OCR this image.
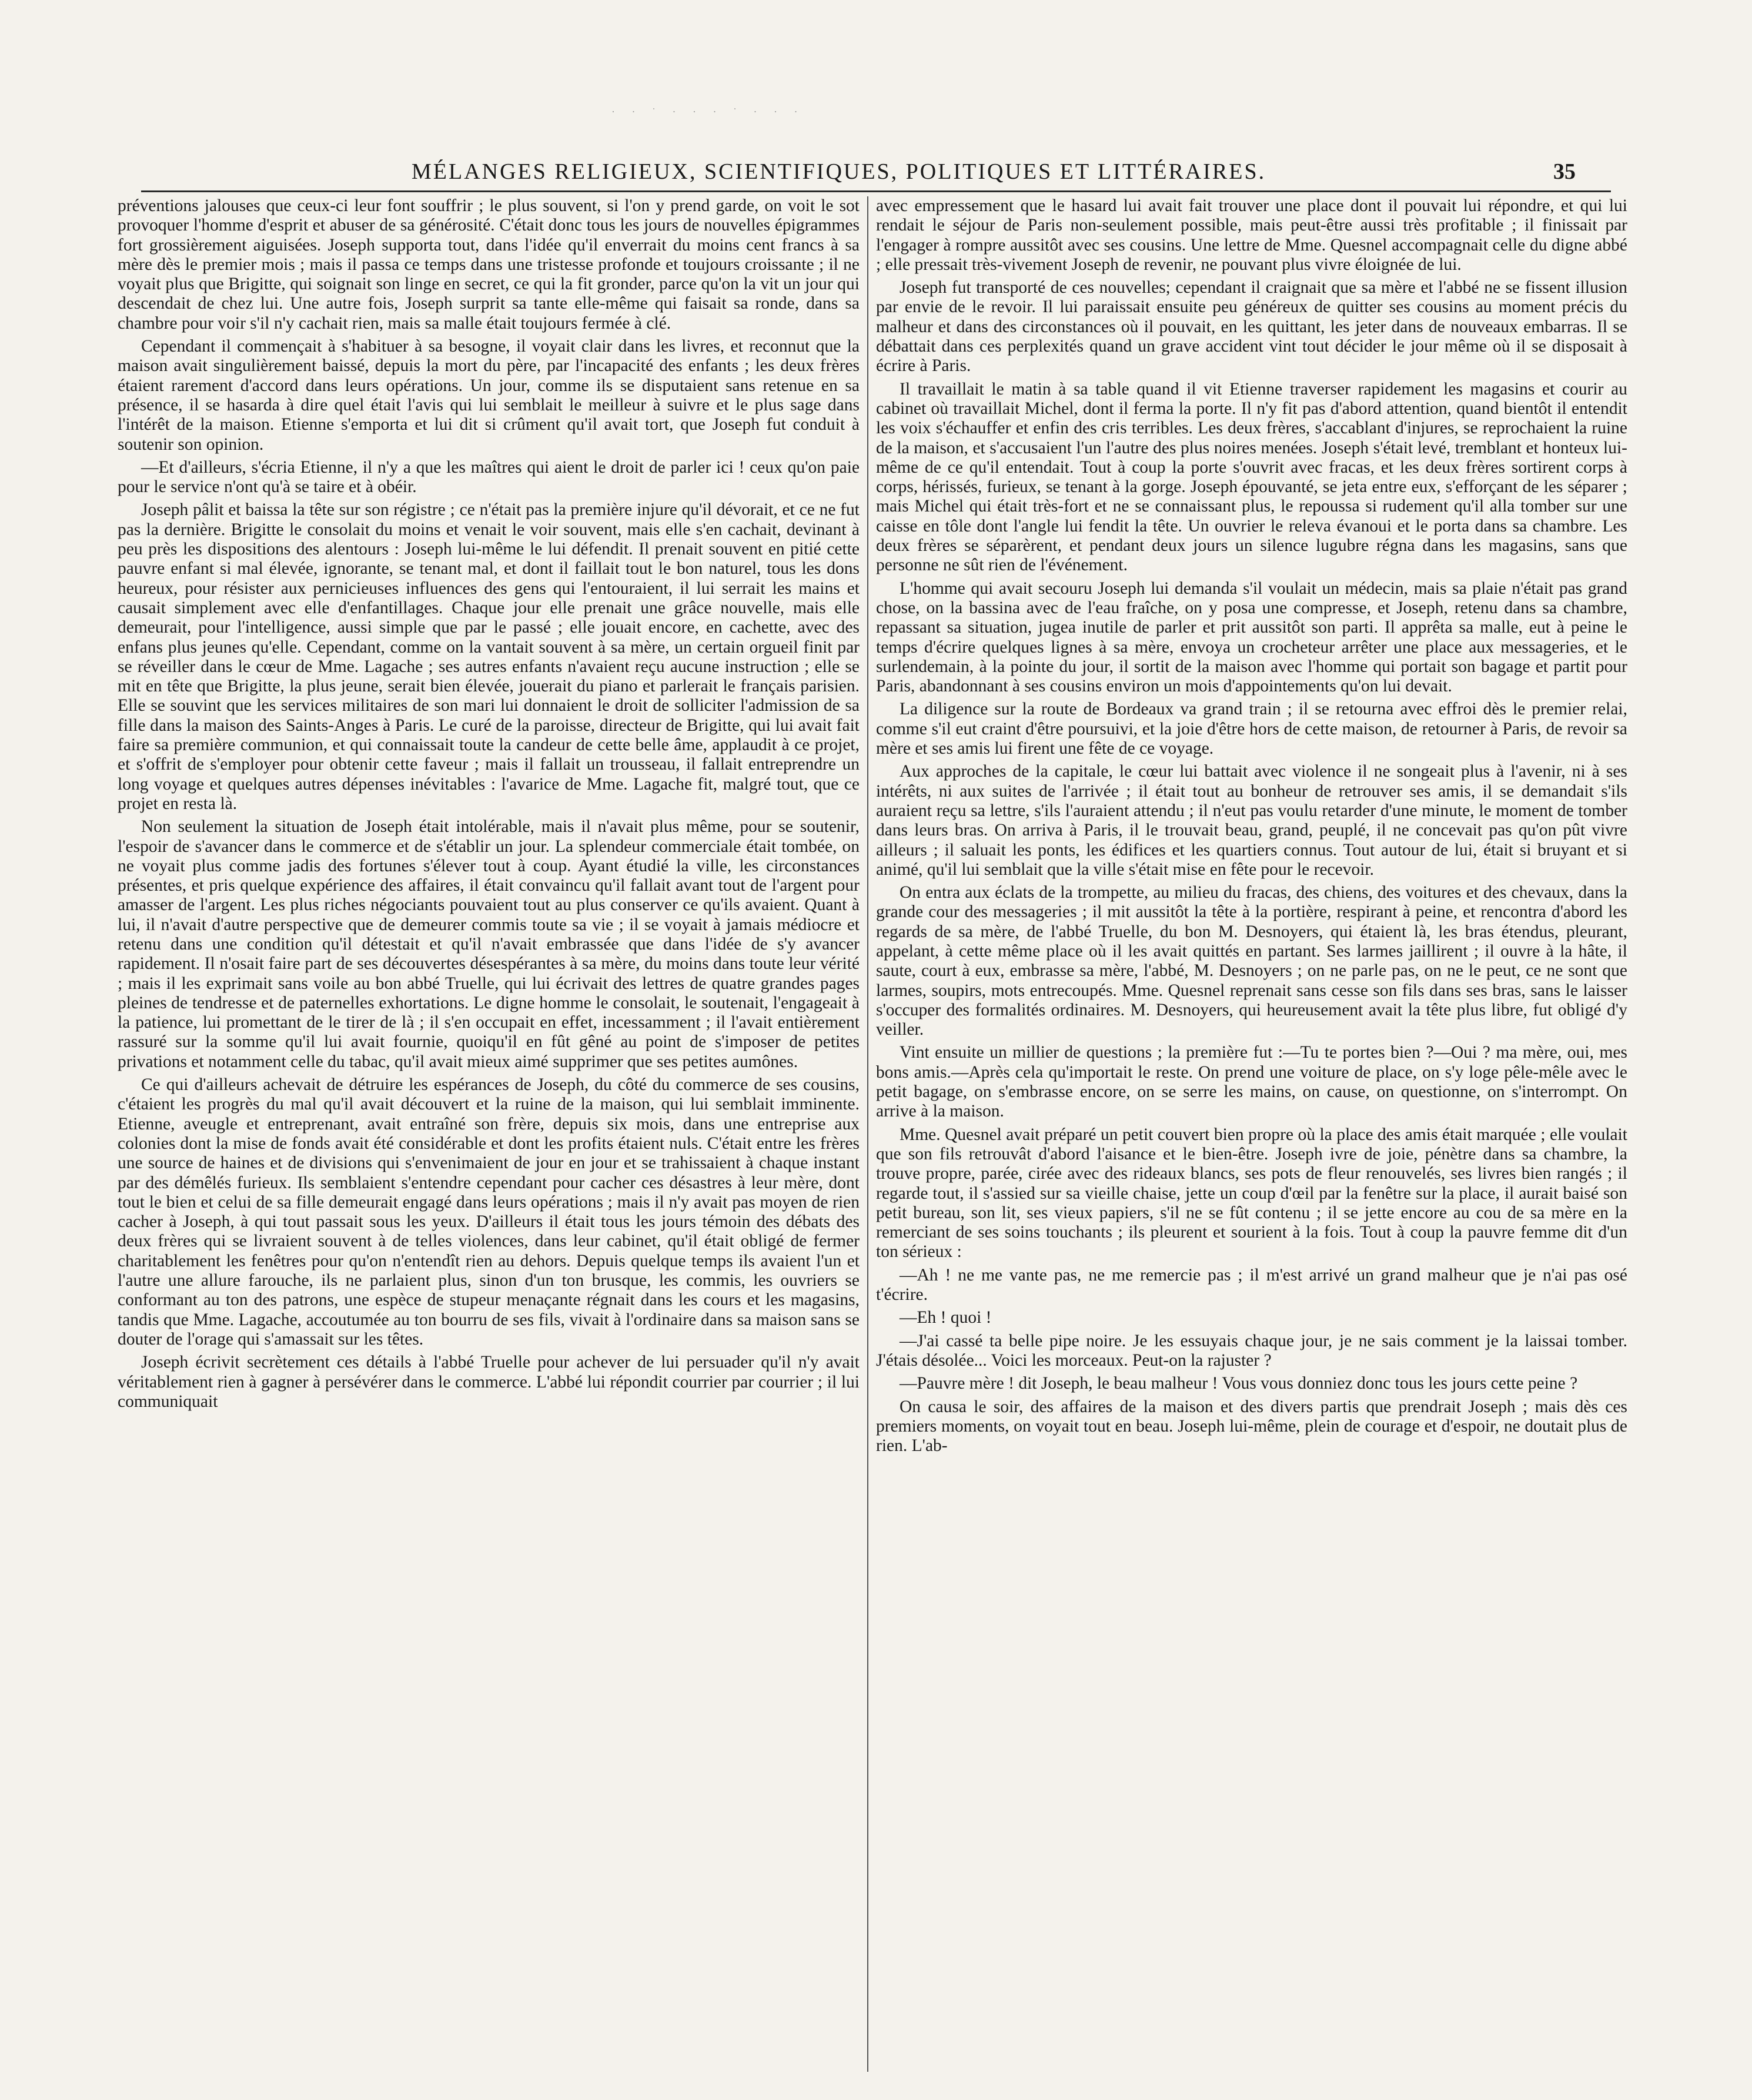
· · ˙ · · · ˙ · · ·
MÉLANGES RELIGIEUX, SCIENTIFIQUES, POLITIQUES ET LITTÉRAIRES.	35

préventions jalouses que ceux-ci leur font souffrir ; le plus souvent, si l'on y prend garde, on voit le sot provoquer l'homme d'esprit et abuser de sa générosité. C'était donc tous les jours de nouvelles épigrammes fort grossièrement aiguisées. Joseph supporta tout, dans l'idée qu'il enverrait du moins cent francs à sa mère dès le premier mois ; mais il passa ce temps dans une tristesse profonde et toujours croissante ; il ne voyait plus que Brigitte, qui soignait son linge en secret, ce qui la fit gronder, parce qu'on la vit un jour qui descendait de chez lui. Une autre fois, Joseph surprit sa tante elle-même qui faisait sa ronde, dans sa chambre pour voir s'il n'y cachait rien, mais sa malle était toujours fermée à clé.

Cependant il commençait à s'habituer à sa besogne, il voyait clair dans les livres, et reconnut que la maison avait singulièrement baissé, depuis la mort du père, par l'incapacité des enfants ; les deux frères étaient rarement d'accord dans leurs opérations. Un jour, comme ils se disputaient sans retenue en sa présence, il se hasarda à dire quel était l'avis qui lui semblait le meilleur à suivre et le plus sage dans l'intérêt de la maison. Etienne s'emporta et lui dit si crûment qu'il avait tort, que Joseph fut conduit à soutenir son opinion.

—Et d'ailleurs, s'écria Etienne, il n'y a que les maîtres qui aient le droit de parler ici ! ceux qu'on paie pour le service n'ont qu'à se taire et à obéir.

Joseph pâlit et baissa la tête sur son régistre ; ce n'était pas la première injure qu'il dévorait, et ce ne fut pas la dernière. Brigitte le consolait du moins et venait le voir souvent, mais elle s'en cachait, devinant à peu près les dispositions des alentours : Joseph lui-même le lui défendit. Il prenait souvent en pitié cette pauvre enfant si mal élevée, ignorante, se tenant mal, et dont il faillait tout le bon naturel, tous les dons heureux, pour résister aux pernicieuses influences des gens qui l'entouraient, il lui serrait les mains et causait simplement avec elle d'enfantillages. Chaque jour elle prenait une grâce nouvelle, mais elle demeurait, pour l'intelligence, aussi simple que par le passé ; elle jouait encore, en cachette, avec des enfans plus jeunes qu'elle. Cependant, comme on la vantait souvent à sa mère, un certain orgueil finit par se réveiller dans le cœur de Mme. Lagache ; ses autres enfants n'avaient reçu aucune instruction ; elle se mit en tête que Brigitte, la plus jeune, serait bien élevée, jouerait du piano et parlerait le français parisien. Elle se souvint que les services militaires de son mari lui donnaient le droit de solliciter l'admission de sa fille dans la maison des Saints-Anges à Paris. Le curé de la paroisse, directeur de Brigitte, qui lui avait fait faire sa première communion, et qui connaissait toute la candeur de cette belle âme, applaudit à ce projet, et s'offrit de s'employer pour obtenir cette faveur ; mais il fallait un trousseau, il fallait entreprendre un long voyage et quelques autres dépenses inévitables : l'avarice de Mme. Lagache fit, malgré tout, que ce projet en resta là.

Non seulement la situation de Joseph était intolérable, mais il n'avait plus même, pour se soutenir, l'espoir de s'avancer dans le commerce et de s'établir un jour. La splendeur commerciale était tombée, on ne voyait plus comme jadis des fortunes s'élever tout à coup. Ayant étudié la ville, les circonstances présentes, et pris quelque expérience des affaires, il était convaincu qu'il fallait avant tout de l'argent pour amasser de l'argent. Les plus riches négociants pouvaient tout au plus conserver ce qu'ils avaient. Quant à lui, il n'avait d'autre perspective que de demeurer commis toute sa vie ; il se voyait à jamais médiocre et retenu dans une condition qu'il détestait et qu'il n'avait embrassée que dans l'idée de s'y avancer rapidement. Il n'osait faire part de ses découvertes désespérantes à sa mère, du moins dans toute leur vérité ; mais il les exprimait sans voile au bon abbé Truelle, qui lui écrivait des lettres de quatre grandes pages pleines de tendresse et de paternelles exhortations. Le digne homme le consolait, le soutenait, l'engageait à la patience, lui promettant de le tirer de là ; il s'en occupait en effet, incessamment ; il l'avait entièrement rassuré sur la somme qu'il lui avait fournie, quoiqu'il en fût gêné au point de s'imposer de petites privations et notamment celle du tabac, qu'il avait mieux aimé supprimer que ses petites aumônes.

Ce qui d'ailleurs achevait de détruire les espérances de Joseph, du côté du commerce de ses cousins, c'étaient les progrès du mal qu'il avait découvert et la ruine de la maison, qui lui semblait imminente. Etienne, aveugle et entreprenant, avait entraîné son frère, depuis six mois, dans une entreprise aux colonies dont la mise de fonds avait été considérable et dont les profits étaient nuls. C'était entre les frères une source de haines et de divisions qui s'envenimaient de jour en jour et se trahissaient à chaque instant par des démêlés furieux. Ils semblaient s'entendre cependant pour cacher ces désastres à leur mère, dont tout le bien et celui de sa fille demeurait engagé dans leurs opérations ; mais il n'y avait pas moyen de rien cacher à Joseph, à qui tout passait sous les yeux. D'ailleurs il était tous les jours témoin des débats des deux frères qui se livraient souvent à de telles violences, dans leur cabinet, qu'il était obligé de fermer charitablement les fenêtres pour qu'on n'entendît rien au dehors. Depuis quelque temps ils avaient l'un et l'autre une allure farouche, ils ne parlaient plus, sinon d'un ton brusque, les commis, les ouvriers se conformant au ton des patrons, une espèce de stupeur menaçante régnait dans les cours et les magasins, tandis que Mme. Lagache, accoutumée au ton bourru de ses fils, vivait à l'ordinaire dans sa maison sans se douter de l'orage qui s'amassait sur les têtes.

Joseph écrivit secrètement ces détails à l'abbé Truelle pour achever de lui persuader qu'il n'y avait véritablement rien à gagner à persévérer dans le commerce. L'abbé lui répondit courrier par courrier ; il lui communiquait

avec empressement que le hasard lui avait fait trouver une place dont il pouvait lui répondre, et qui lui rendait le séjour de Paris non-seulement possible, mais peut-être aussi très profitable ; il finissait par l'engager à rompre aussitôt avec ses cousins. Une lettre de Mme. Quesnel accompagnait celle du digne abbé ; elle pressait très-vivement Joseph de revenir, ne pouvant plus vivre éloignée de lui.

Joseph fut transporté de ces nouvelles; cependant il craignait que sa mère et l'abbé ne se fissent illusion par envie de le revoir. Il lui paraissait ensuite peu généreux de quitter ses cousins au moment précis du malheur et dans des circonstances où il pouvait, en les quittant, les jeter dans de nouveaux embarras. Il se débattait dans ces perplexités quand un grave accident vint tout décider le jour même où il se disposait à écrire à Paris.

Il travaillait le matin à sa table quand il vit Etienne traverser rapidement les magasins et courir au cabinet où travaillait Michel, dont il ferma la porte. Il n'y fit pas d'abord attention, quand bientôt il entendit les voix s'échauffer et enfin des cris terribles. Les deux frères, s'accablant d'injures, se reprochaient la ruine de la maison, et s'accusaient l'un l'autre des plus noires menées. Joseph s'était levé, tremblant et honteux lui-même de ce qu'il entendait. Tout à coup la porte s'ouvrit avec fracas, et les deux frères sortirent corps à corps, hérissés, furieux, se tenant à la gorge. Joseph épouvanté, se jeta entre eux, s'efforçant de les séparer ; mais Michel qui était très-fort et ne se connaissant plus, le repoussa si rudement qu'il alla tomber sur une caisse en tôle dont l'angle lui fendit la tête. Un ouvrier le releva évanoui et le porta dans sa chambre. Les deux frères se séparèrent, et pendant deux jours un silence lugubre régna dans les magasins, sans que personne ne sût rien de l'événement.

L'homme qui avait secouru Joseph lui demanda s'il voulait un médecin, mais sa plaie n'était pas grand chose, on la bassina avec de l'eau fraîche, on y posa une compresse, et Joseph, retenu dans sa chambre, repassant sa situation, jugea inutile de parler et prit aussitôt son parti. Il apprêta sa malle, eut à peine le temps d'écrire quelques lignes à sa mère, envoya un crocheteur arrêter une place aux messageries, et le surlendemain, à la pointe du jour, il sortit de la maison avec l'homme qui portait son bagage et partit pour Paris, abandonnant à ses cousins environ un mois d'appointements qu'on lui devait.

La diligence sur la route de Bordeaux va grand train ; il se retourna avec effroi dès le premier relai, comme s'il eut craint d'être poursuivi, et la joie d'être hors de cette maison, de retourner à Paris, de revoir sa mère et ses amis lui firent une fête de ce voyage.

Aux approches de la capitale, le cœur lui battait avec violence il ne songeait plus à l'avenir, ni à ses intérêts, ni aux suites de l'arrivée ; il était tout au bonheur de retrouver ses amis, il se demandait s'ils auraient reçu sa lettre, s'ils l'auraient attendu ; il n'eut pas voulu retarder d'une minute, le moment de tomber dans leurs bras. On arriva à Paris, il le trouvait beau, grand, peuplé, il ne concevait pas qu'on pût vivre ailleurs ; il saluait les ponts, les édifices et les quartiers connus. Tout autour de lui, était si bruyant et si animé, qu'il lui semblait que la ville s'était mise en fête pour le recevoir.

On entra aux éclats de la trompette, au milieu du fracas, des chiens, des voitures et des chevaux, dans la grande cour des messageries ; il mit aussitôt la tête à la portière, respirant à peine, et rencontra d'abord les regards de sa mère, de l'abbé Truelle, du bon M. Desnoyers, qui étaient là, les bras étendus, pleurant, appelant, à cette même place où il les avait quittés en partant. Ses larmes jaillirent ; il ouvre à la hâte, il saute, court à eux, embrasse sa mère, l'abbé, M. Desnoyers ; on ne parle pas, on ne le peut, ce ne sont que larmes, soupirs, mots entrecoupés. Mme. Quesnel reprenait sans cesse son fils dans ses bras, sans le laisser s'occuper des formalités ordinaires. M. Desnoyers, qui heureusement avait la tête plus libre, fut obligé d'y veiller.

Vint ensuite un millier de questions ; la première fut :—Tu te portes bien ?—Oui ? ma mère, oui, mes bons amis.—Après cela qu'importait le reste. On prend une voiture de place, on s'y loge pêle-mêle avec le petit bagage, on s'embrasse encore, on se serre les mains, on cause, on questionne, on s'interrompt. On arrive à la maison.

Mme. Quesnel avait préparé un petit couvert bien propre où la place des amis était marquée ; elle voulait que son fils retrouvât d'abord l'aisance et le bien-être. Joseph ivre de joie, pénètre dans sa chambre, la trouve propre, parée, cirée avec des rideaux blancs, ses pots de fleur renouvelés, ses livres bien rangés ; il regarde tout, il s'assied sur sa vieille chaise, jette un coup d'œil par la fenêtre sur la place, il aurait baisé son petit bureau, son lit, ses vieux papiers, s'il ne se fût contenu ; il se jette encore au cou de sa mère en la remerciant de ses soins touchants ; ils pleurent et sourient à la fois. Tout à coup la pauvre femme dit d'un ton sérieux :

—Ah ! ne me vante pas, ne me remercie pas ; il m'est arrivé un grand malheur que je n'ai pas osé t'écrire.

—Eh ! quoi !

—J'ai cassé ta belle pipe noire. Je les essuyais chaque jour, je ne sais comment je la laissai tomber. J'étais désolée... Voici les morceaux. Peut-on la rajuster ?

—Pauvre mère ! dit Joseph, le beau malheur ! Vous vous donniez donc tous les jours cette peine ?

On causa le soir, des affaires de la maison et des divers partis que prendrait Joseph ; mais dès ces premiers moments, on voyait tout en beau. Joseph lui-même, plein de courage et d'espoir, ne doutait plus de rien. L'ab-
